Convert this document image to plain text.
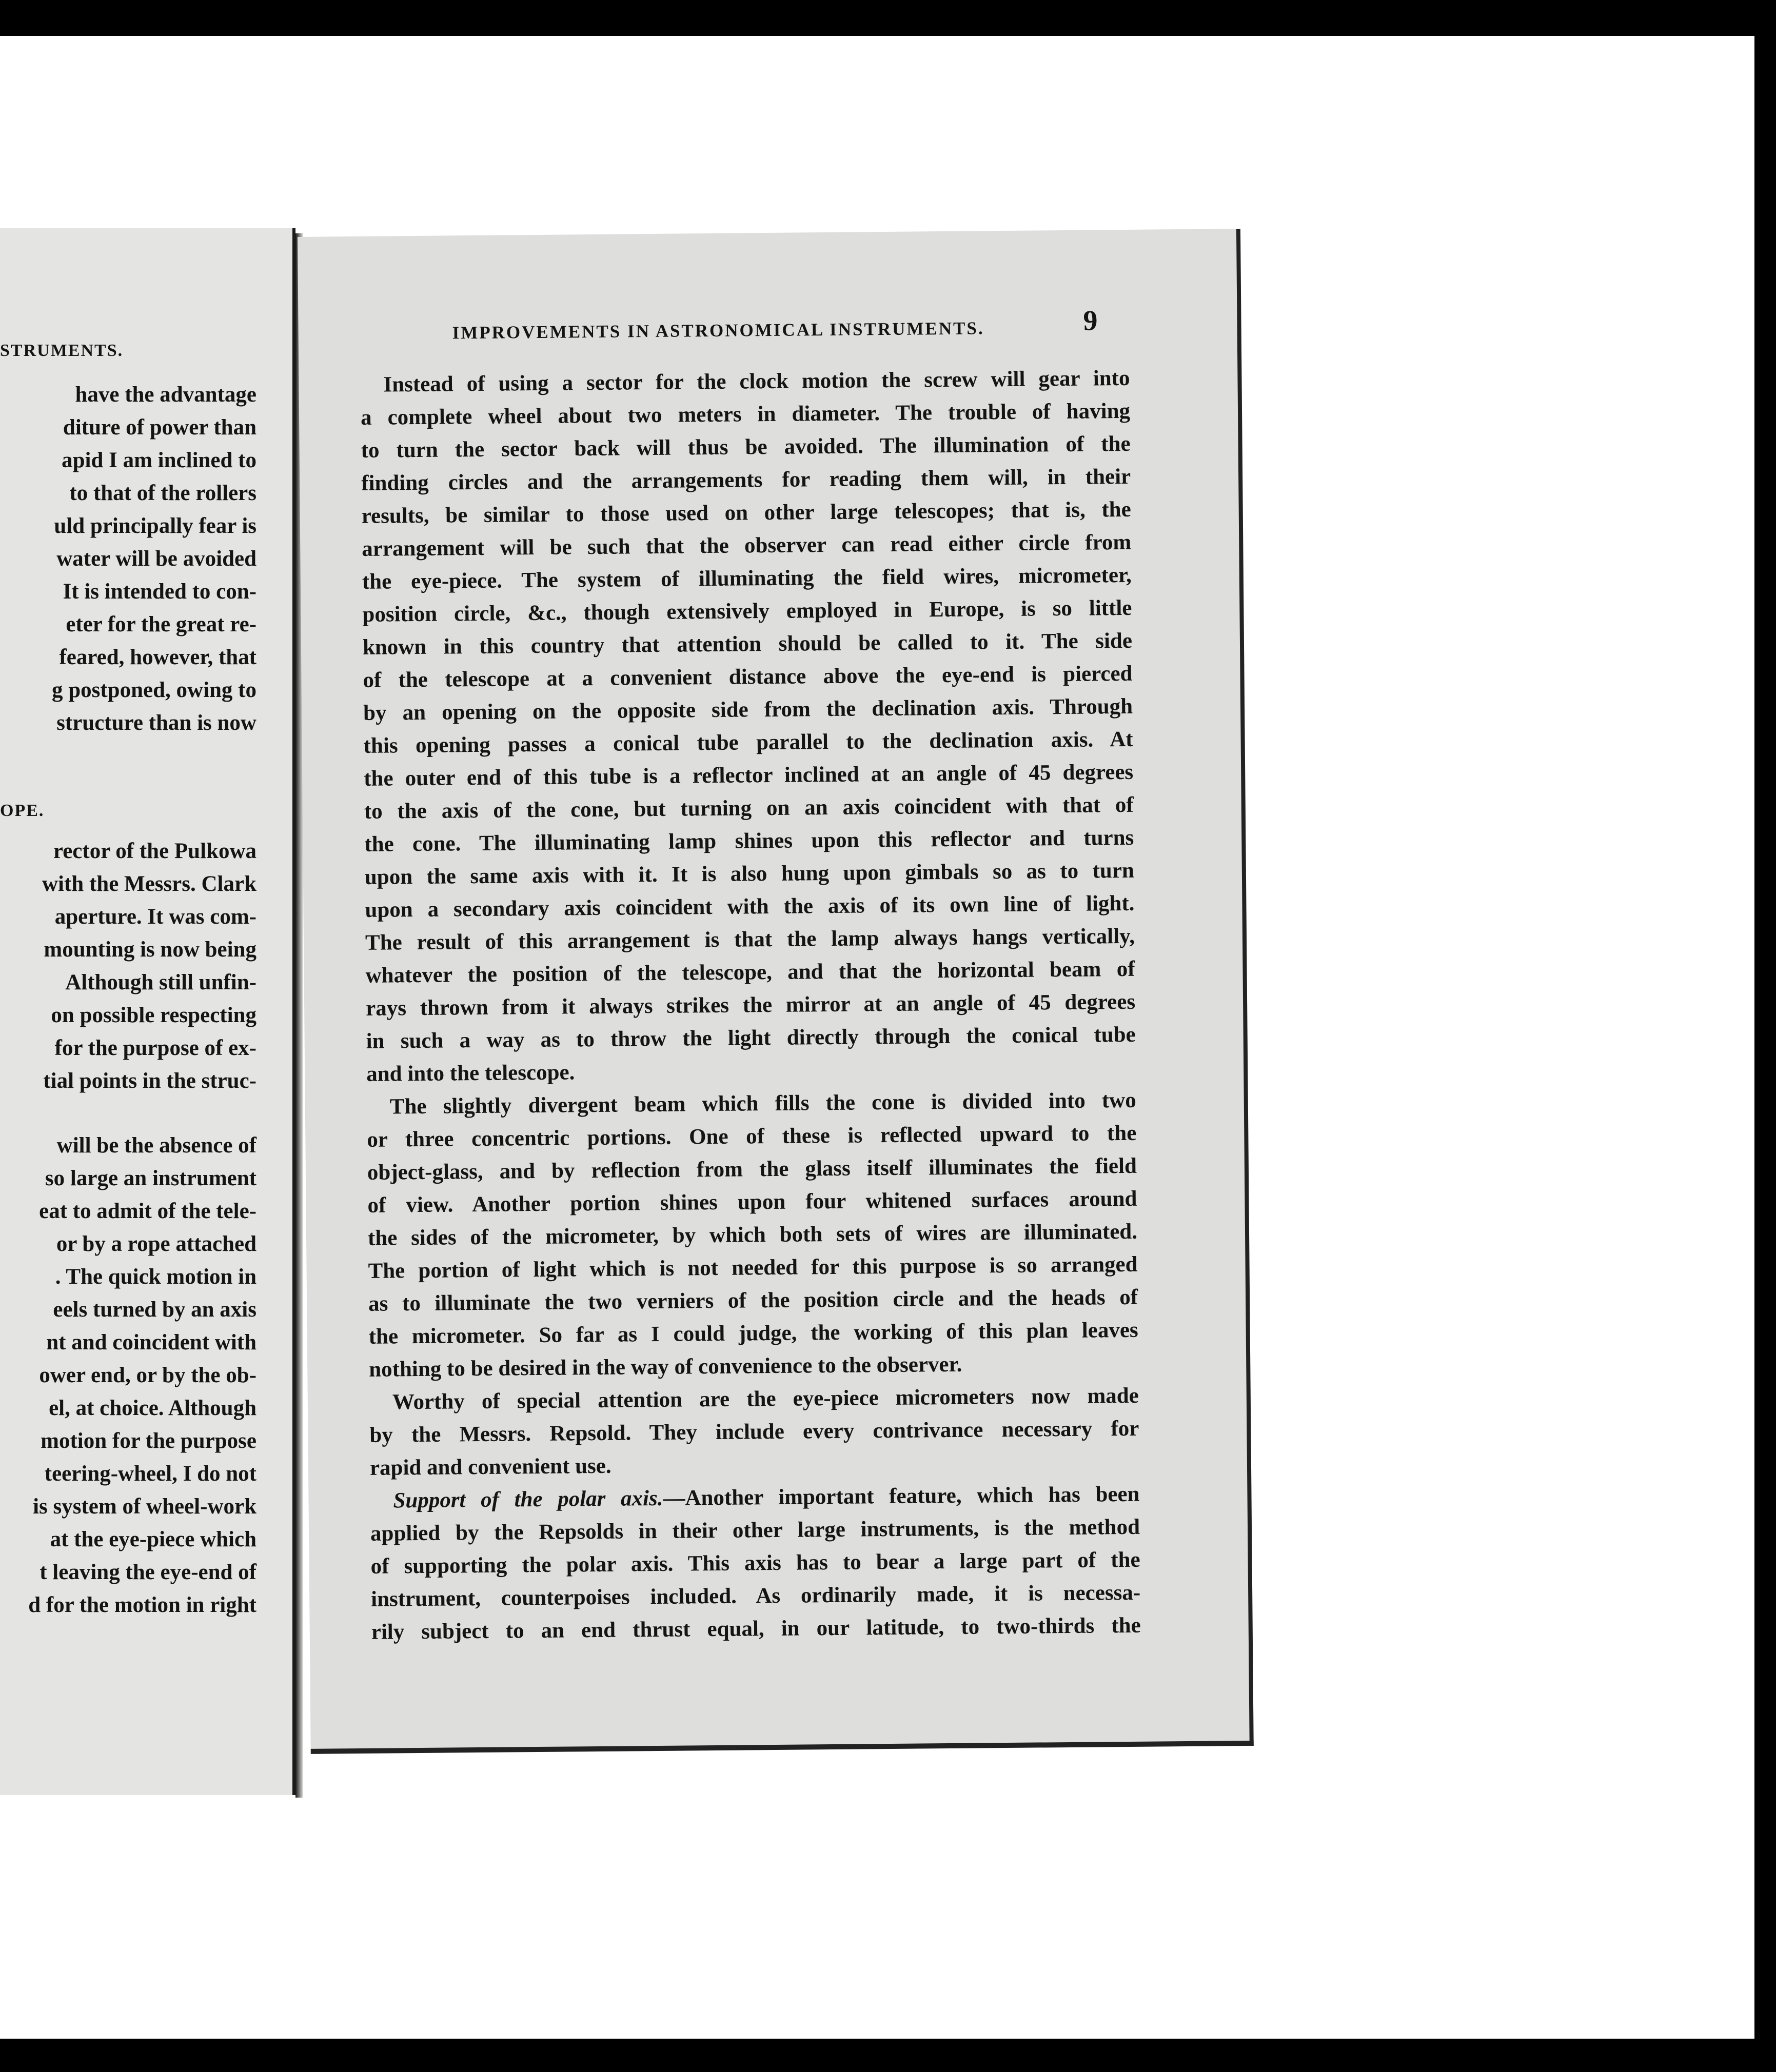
STRUMENTS.
have the advantage
diture of power than
apid I am inclined to
to that of the rollers
uld principally fear is
water will be avoided
It is intended to con-
eter for the great re-
feared, however, that
g postponed, owing to
structure than is now
OPE.
rector of the Pulkowa
with the Messrs. Clark
aperture. It was com-
mounting is now being
Although still unfin-
on possible respecting
for the purpose of ex-
tial points in the struc-
will be the absence of
so large an instrument
eat to admit of the tele-
or by a rope attached
. The quick motion in
eels turned by an axis
nt and coincident with
ower end, or by the ob-
el, at choice. Although
motion for the purpose
teering-wheel, I do not
is system of wheel-work
at the eye-piece which
t leaving the eye-end of
d for the motion in right
IMPROVEMENTS IN ASTRONOMICAL INSTRUMENTS.	9
Instead of using a sector for the clock motion the screw will gear into
a complete wheel about two meters in diameter. The trouble of having
to turn the sector back will thus be avoided. The illumination of the
finding circles and the arrangements for reading them will, in their
results, be similar to those used on other large telescopes; that is, the
arrangement will be such that the observer can read either circle from
the eye-piece. The system of illuminating the field wires, micrometer,
position circle, &c., though extensively employed in Europe, is so little
known in this country that attention should be called to it. The side
of the telescope at a convenient distance above the eye-end is pierced
by an opening on the opposite side from the declination axis. Through
this opening passes a conical tube parallel to the declination axis. At
the outer end of this tube is a reflector inclined at an angle of 45 degrees
to the axis of the cone, but turning on an axis coincident with that of
the cone. The illuminating lamp shines upon this reflector and turns
upon the same axis with it. It is also hung upon gimbals so as to turn
upon a secondary axis coincident with the axis of its own line of light.
The result of this arrangement is that the lamp always hangs vertically,
whatever the position of the telescope, and that the horizontal beam of
rays thrown from it always strikes the mirror at an angle of 45 degrees
in such a way as to throw the light directly through the conical tube
and into the telescope.
The slightly divergent beam which fills the cone is divided into two
or three concentric portions. One of these is reflected upward to the
object-glass, and by reflection from the glass itself illuminates the field
of view. Another portion shines upon four whitened surfaces around
the sides of the micrometer, by which both sets of wires are illuminated.
The portion of light which is not needed for this purpose is so arranged
as to illuminate the two verniers of the position circle and the heads of
the micrometer. So far as I could judge, the working of this plan leaves
nothing to be desired in the way of convenience to the observer.
Worthy of special attention are the eye-piece micrometers now made
by the Messrs. Repsold. They include every contrivance necessary for
rapid and convenient use.
Support of the polar axis.—Another important feature, which has been
applied by the Repsolds in their other large instruments, is the method
of supporting the polar axis. This axis has to bear a large part of the
instrument, counterpoises included. As ordinarily made, it is necessa-
rily subject to an end thrust equal, in our latitude, to two-thirds the
